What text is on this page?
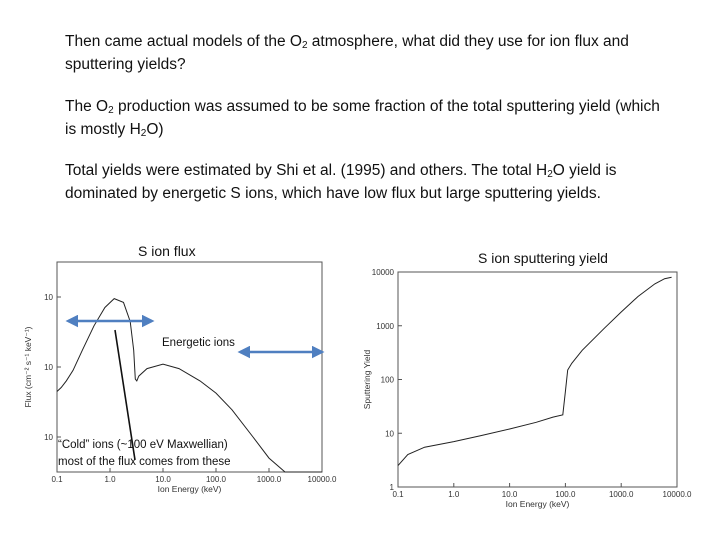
Then came actual models of the $O_2$ atmosphere, what did they use for ion flux and sputtering yields?
The $O_2$ production was assumed to be some fraction of the total sputtering yield (which is mostly $H_2O$)
Total yields were estimated by Shi et al. (1995) and others. The total $H_2O$ yield is dominated by energetic S ions, which have low flux but large sputtering yields.
S ion flux	S ion sputtering yield
0.1	1.0	10.0	100.0	1000.0	10000.0
10
10
10
Ion Energy (keV)
Flux (cm⁻² s⁻¹ keV⁻¹)	Energetic ions
“Cold” ions (~100 eV Maxwellian)
most of the flux comes from these
0.1	1.0	10.0	100.0	1000.0	10000.0
1
10
100
1000
10000
Ion Energy (keV)
Sputtering Yield
